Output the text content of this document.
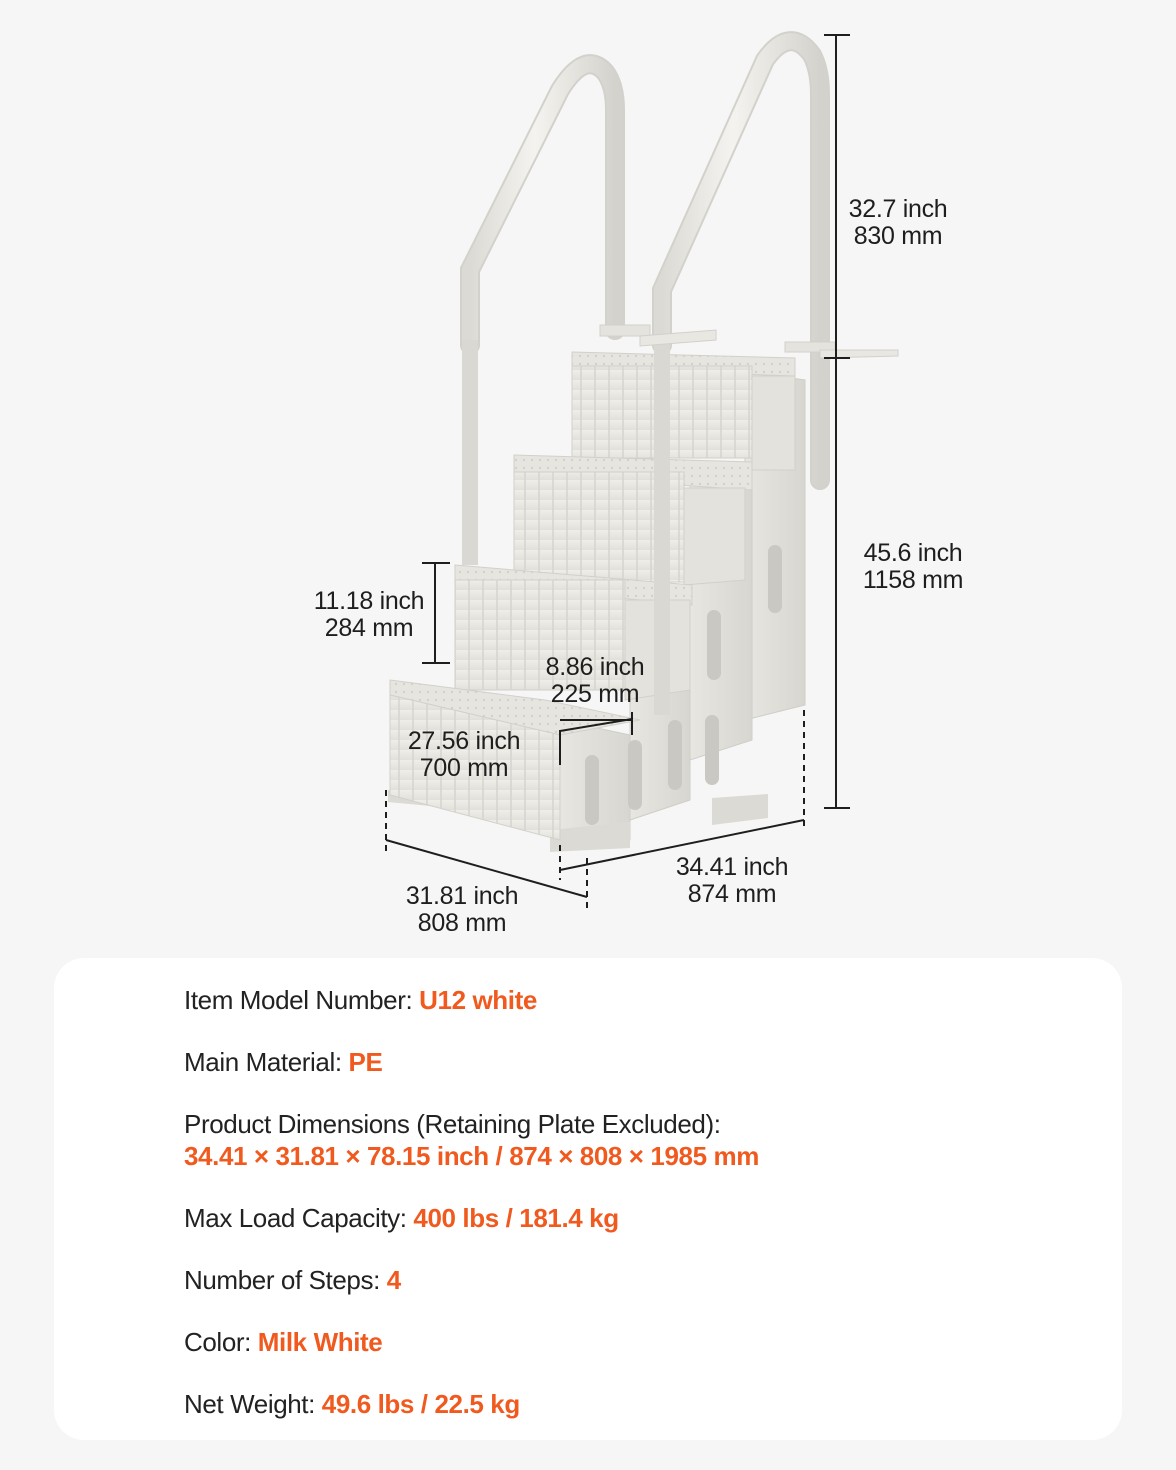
32.7 inch
830 mm
45.6 inch
1158 mm
11.18 inch
284 mm
8.86 inch
225 mm
27.56 inch
700 mm
31.81 inch
808 mm
34.41 inch
874 mm
Item Model Number: U12 white
Main Material: PE
Product Dimensions (Retaining Plate Excluded):
34.41 × 31.81 × 78.15 inch / 874 × 808 × 1985 mm
Max Load Capacity: 400 lbs / 181.4 kg
Number of Steps: 4
Color: Milk White
Net Weight: 49.6 lbs / 22.5 kg
